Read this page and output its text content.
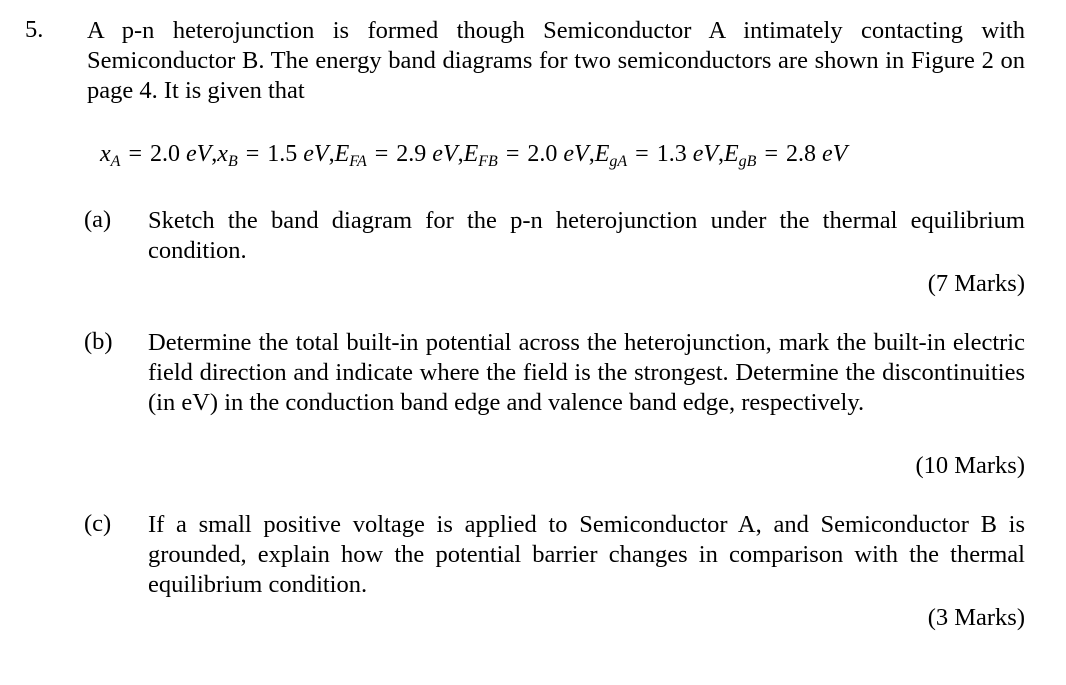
5. A p-n heterojunction is formed though Semiconductor A intimately contacting with Semiconductor B. The energy band diagrams for two semiconductors are shown in Figure 2 on page 4. It is given that
$x_A = 2.0$ $eV,x_B = 1.5$ $eV,E_{FA} = 2.9$ $eV,E_{FB} = 2.0$ $eV,E_{gA} = 1.3$ $eV,E_{gB} = 2.8$ eV
(a) Sketch the band diagram for the p-n heterojunction under the thermal equilibrium condition.
(7 Marks)
(b) Determine the total built-in potential across the heterojunction, mark the built-in electric field direction and indicate where the field is the strongest. Determine the discontinuities (in eV) in the conduction band edge and valence band edge, respectively.
(10 Marks)
(c) If a small positive voltage is applied to Semiconductor A, and Semiconductor B is grounded, explain how the potential barrier changes in comparison with the thermal equilibrium condition.
(3 Marks)
